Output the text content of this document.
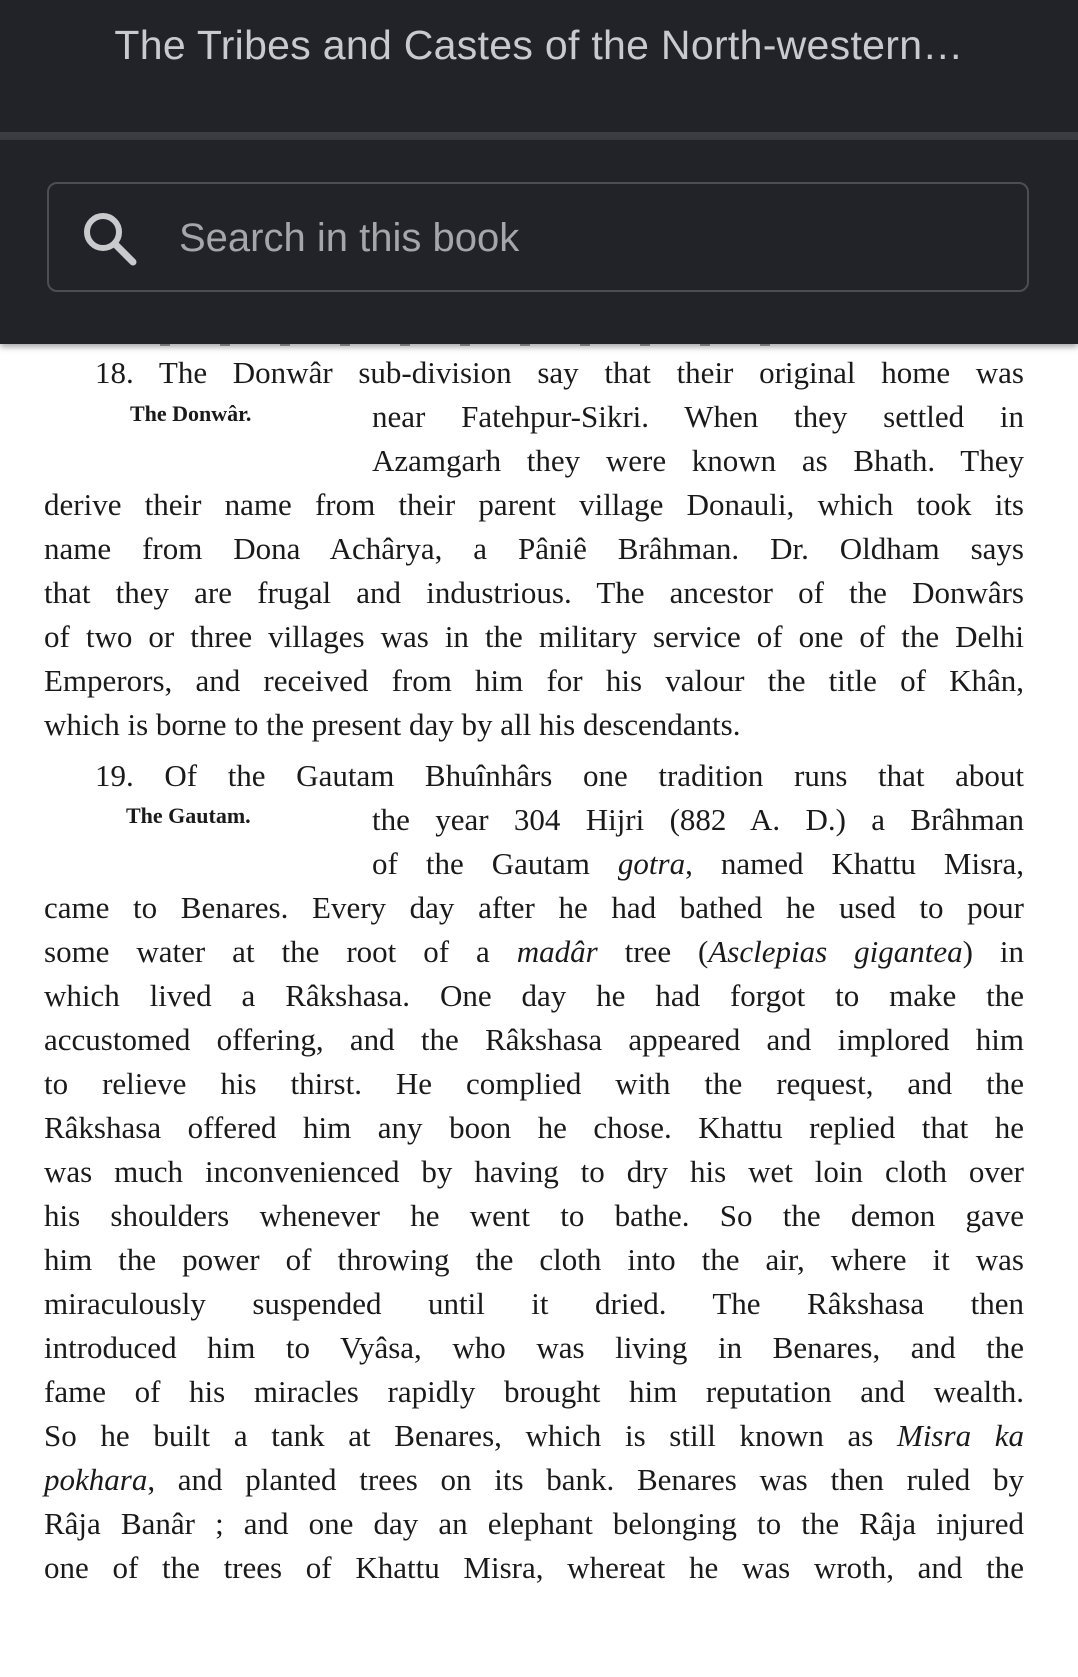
The Tribes and Castes of the North-western…
Search in this book
The Donwâr.
18. The Donwâr sub-division say that their original home was
near Fatehpur-Sikri. When they settled in
Azamgarh they were known as Bhath. They
derive their name from their parent village Donauli, which took its
name from Dona Achârya, a Pâniê Brâhman. Dr. Oldham says
that they are frugal and industrious. The ancestor of the Donwârs
of two or three villages was in the military service of one of the Delhi
Emperors, and received from him for his valour the title of Khân,
which is borne to the present day by all his descendants.
The Gautam.
19. Of the Gautam Bhuînhârs one tradition runs that about
the year 304 Hijri (882 A. D.) a Brâhman
of the Gautam gotra, named Khattu Misra,
came to Benares. Every day after he had bathed he used to pour
some water at the root of a madâr tree (Asclepias gigantea) in
which lived a Râkshasa. One day he had forgot to make the
accustomed offering, and the Râkshasa appeared and implored him
to relieve his thirst. He complied with the request, and the
Râkshasa offered him any boon he chose. Khattu replied that he
was much inconvenienced by having to dry his wet loin cloth over
his shoulders whenever he went to bathe. So the demon gave
him the power of throwing the cloth into the air, where it was
miraculously suspended until it dried. The Râkshasa then
introduced him to Vyâsa, who was living in Benares, and the
fame of his miracles rapidly brought him reputation and wealth.
So he built a tank at Benares, which is still known as Misra ka
pokhara, and planted trees on its bank. Benares was then ruled by
Râja Banâr ; and one day an elephant belonging to the Râja injured
one of the trees of Khattu Misra, whereat he was wroth, and the
